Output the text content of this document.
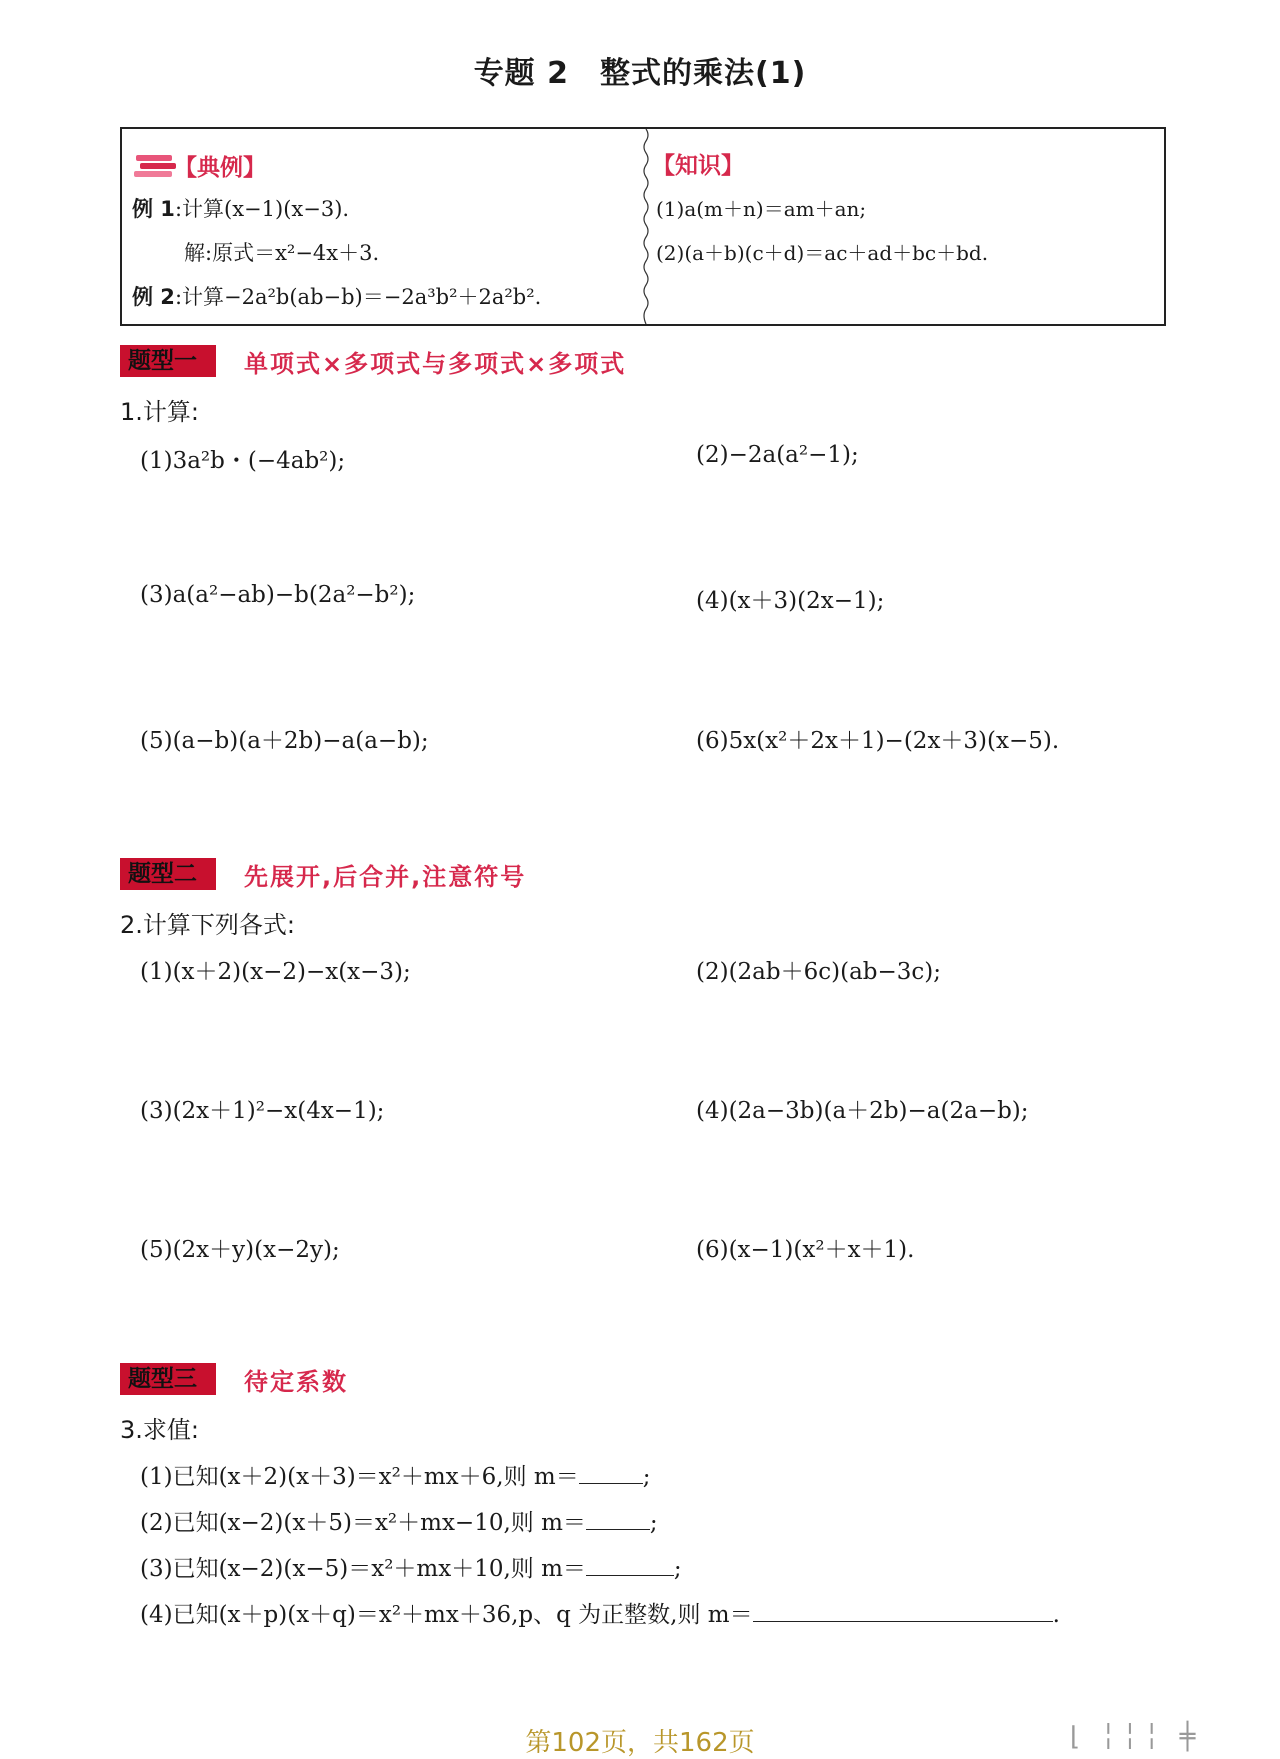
专题 2　整式的乘法(1)
【典例】
例 1:计算(x−1)(x−3).
解:原式＝x²−4x＋3.
例 2:计算−2a²b(ab−b)＝−2a³b²＋2a²b².
【知识】
(1)a(m＋n)＝am＋an;
(2)(a＋b)(c＋d)＝ac＋ad＋bc＋bd.
题型一	单项式×多项式与多项式×多项式
1.计算:
(1)3a²b・(−4ab²);	(2)−2a(a²−1);
(3)a(a²−ab)−b(2a²−b²);	(4)(x＋3)(2x−1);
(5)(a−b)(a＋2b)−a(a−b);	(6)5x(x²＋2x＋1)−(2x＋3)(x−5).
题型二	先展开,后合并,注意符号
2.计算下列各式:
(1)(x＋2)(x−2)−x(x−3);	(2)(2ab＋6c)(ab−3c);
(3)(2x＋1)²−x(4x−1);	(4)(2a−3b)(a＋2b)−a(2a−b);
(5)(2x＋y)(x−2y);	(6)(x−1)(x²＋x＋1).
题型三	待定系数
3.求值:
(1)已知(x＋2)(x＋3)＝x²＋mx＋6,则 m＝	;
(2)已知(x−2)(x＋5)＝x²＋mx−10,则 m＝	;
(3)已知(x−2)(x−5)＝x²＋mx＋10,则 m＝	;
(4)已知(x＋p)(x＋q)＝x²＋mx＋36,p、q 为正整数,则 m＝	.
第102页，共162页	⌊ ╎╎╎ ╪
